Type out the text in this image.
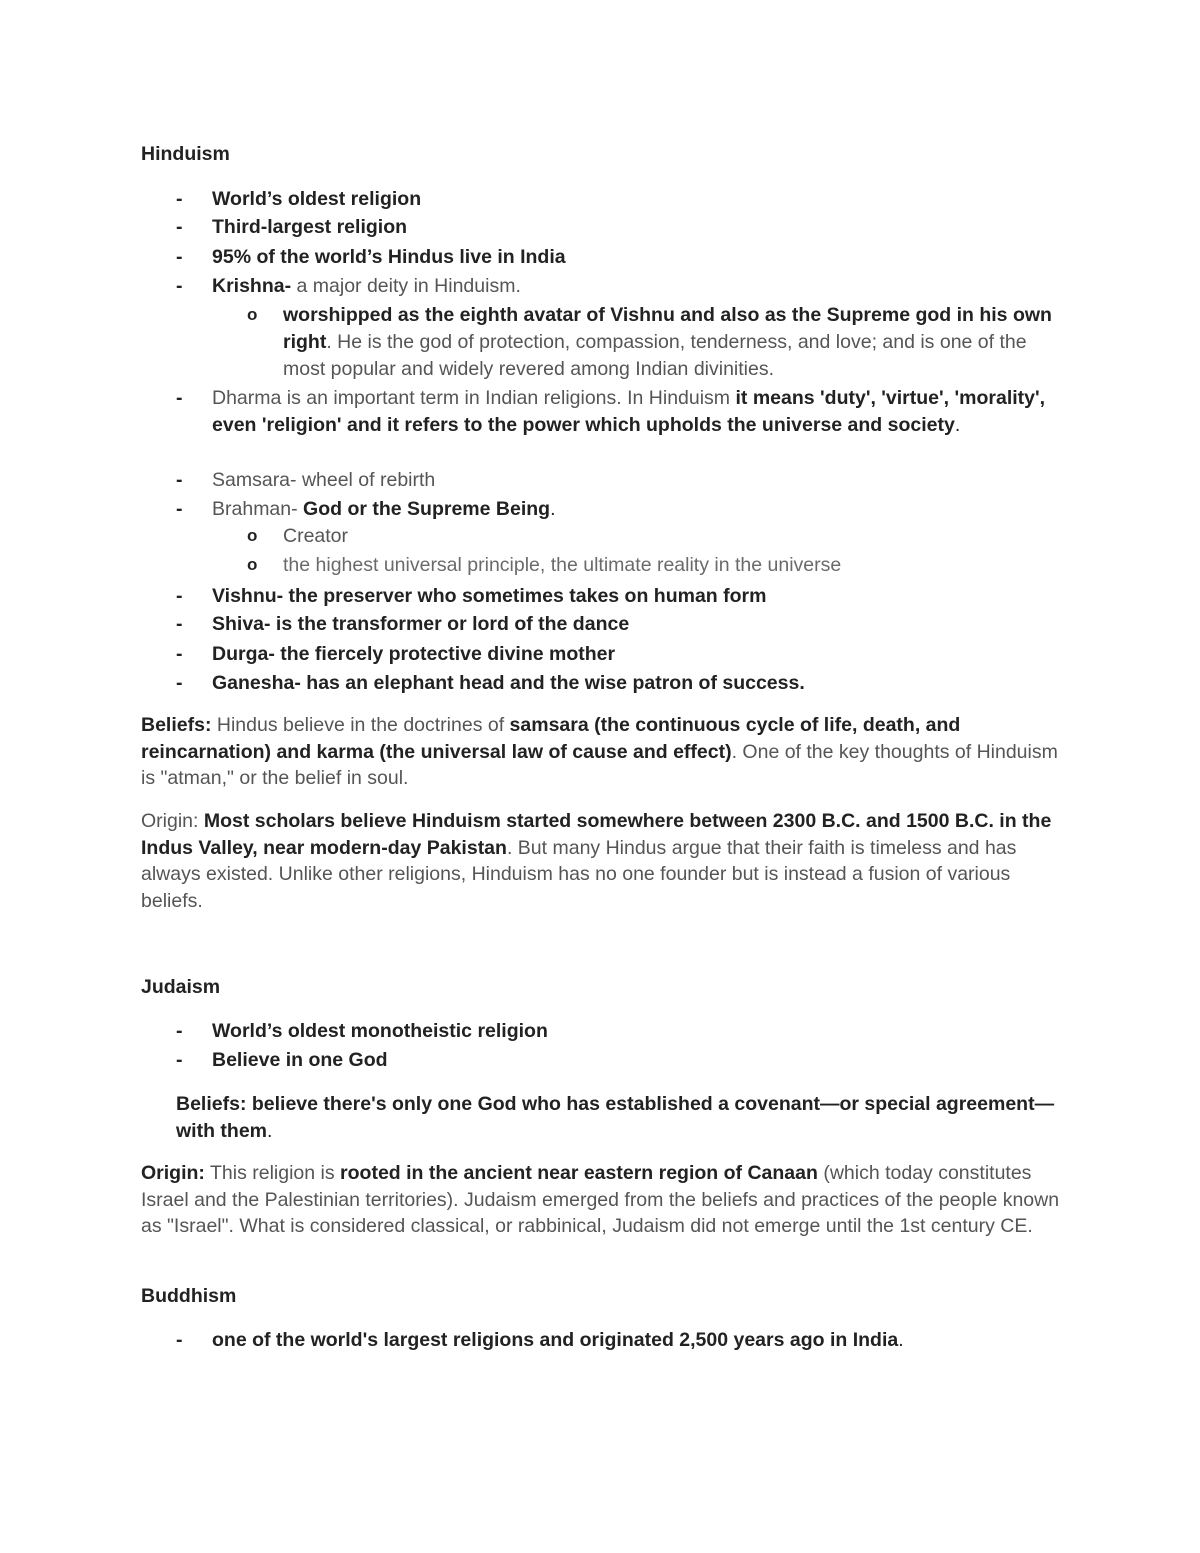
Hinduism
- World’s oldest religion
- Third-largest religion
- 95% of the world’s Hindus live in India
- Krishna- a major deity in Hinduism.
o worshipped as the eighth avatar of Vishnu and also as the Supreme god in his own right. He is the god of protection, compassion, tenderness, and love; and is one of the most popular and widely revered among Indian divinities.
- Dharma is an important term in Indian religions. In Hinduism it means 'duty', 'virtue', 'morality', even 'religion' and it refers to the power which upholds the universe and society.
- Samsara- wheel of rebirth
- Brahman- God or the Supreme Being.
o Creator
o the highest universal principle, the ultimate reality in the universe
- Vishnu- the preserver who sometimes takes on human form
- Shiva- is the transformer or lord of the dance
- Durga- the fiercely protective divine mother
- Ganesha- has an elephant head and the wise patron of success.
Beliefs: Hindus believe in the doctrines of samsara (the continuous cycle of life, death, and reincarnation) and karma (the universal law of cause and effect). One of the key thoughts of Hinduism is "atman," or the belief in soul.
Origin: Most scholars believe Hinduism started somewhere between 2300 B.C. and 1500 B.C. in the Indus Valley, near modern-day Pakistan. But many Hindus argue that their faith is timeless and has always existed. Unlike other religions, Hinduism has no one founder but is instead a fusion of various beliefs.
Judaism
- World’s oldest monotheistic religion
- Believe in one God
Beliefs: believe there's only one God who has established a covenant—or special agreement—with them.
Origin: This religion is rooted in the ancient near eastern region of Canaan (which today constitutes Israel and the Palestinian territories). Judaism emerged from the beliefs and practices of the people known as "Israel". What is considered classical, or rabbinical, Judaism did not emerge until the 1st century CE.
Buddhism
- one of the world's largest religions and originated 2,500 years ago in India.
